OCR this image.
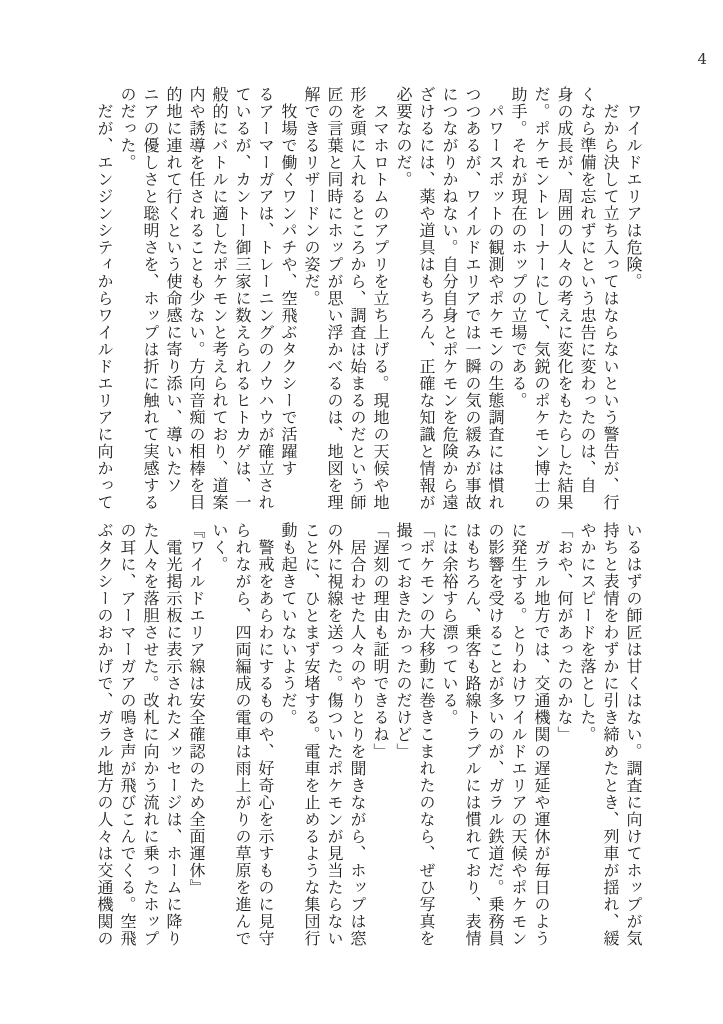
4
　ワイルドエリアは危険。
　だから決して立ち入ってはならないという警告が、行
くなら準備を忘れずにという忠告に変わったのは、自
身の成長が、周囲の人々の考えに変化をもたらした結果
だ。ポケモントレーナーにして、気鋭のポケモン博士の
助手。それが現在のホップの立場である。
　パワースポットの観測やポケモンの生態調査には慣れ
つつあるが、ワイルドエリアでは一瞬の気の緩みが事故
につながりかねない。自分自身とポケモンを危険から遠
ざけるには、薬や道具はもちろん、正確な知識と情報が
必要なのだ。
　スマホロトムのアプリを立ち上げる。現地の天候や地
形を頭に入れるところから、調査は始まるのだという師
匠の言葉と同時にホップが思い浮かべるのは、地図を理
解できるリザードンの姿だ。
　牧場で働くワンパチや、空飛ぶタクシーで活躍す
るアーマーガアは、トレーニングのノウハウが確立され
ているが、カントー御三家に数えられるヒトカゲは、一
般的にバトルに適したポケモンと考えられており、道案
内や誘導を任されることも少ない。方向音痴の相棒を目
的地に連れて行くという使命感に寄り添い、導いたソ
ニアの優しさと聡明さを、ホップは折に触れて実感する
のだった。
　だが、エンジンシティからワイルドエリアに向かって
いるはずの師匠は甘くはない。調査に向けてホップが気
持ちと表情をわずかに引き締めたとき、列車が揺れ、緩
やかにスピードを落とした。
「おや、何があったのかな」
　ガラル地方では、交通機関の遅延や運休が毎日のよう
に発生する。とりわけワイルドエリアの天候やポケモン
の影響を受けることが多いのが、ガラル鉄道だ。乗務員
はもちろん、乗客も路線トラブルには慣れており、表情
には余裕すら漂っている。
「ポケモンの大移動に巻きこまれたのなら、ぜひ写真を
撮っておきたかったのだけど」
「遅刻の理由も証明できるね」
　居合わせた人々のやりとりを聞きながら、ホップは窓
の外に視線を送った。傷ついたポケモンが見当たらない
ことに、ひとまず安堵する。電車を止めるような集団行
動も起きていないようだ。
　警戒をあらわにするものや、好奇心を示すものに見守
られながら、四両編成の電車は雨上がりの草原を進んで
いく。
『ワイルドエリア線は安全確認のため全面運休』
　電光掲示板に表示されたメッセージは、ホームに降り
た人々を落胆させた。改札に向かう流れに乗ったホップ
の耳に、アーマーガアの鳴き声が飛びこんでくる。空飛
ぶタクシーのおかげで、ガラル地方の人々は交通機関の
